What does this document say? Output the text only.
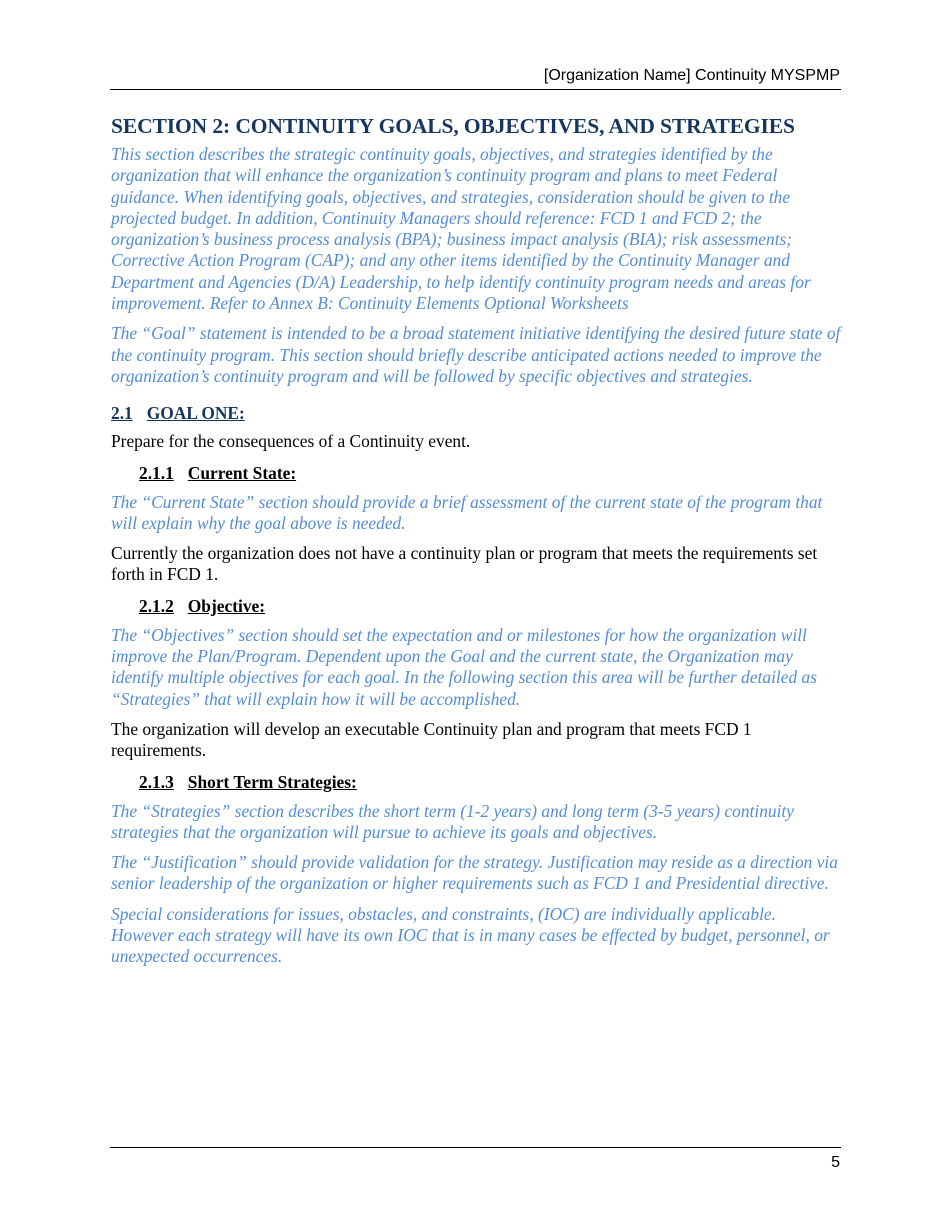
[Organization Name] Continuity MYSPMP
SECTION 2: CONTINUITY GOALS, OBJECTIVES, AND STRATEGIES

This section describes the strategic continuity goals, objectives, and strategies identified by the organization that will enhance the organization’s continuity program and plans to meet Federal guidance. When identifying goals, objectives, and strategies, consideration should be given to the projected budget. In addition, Continuity Managers should reference: FCD 1 and FCD 2; the organization’s business process analysis (BPA); business impact analysis (BIA); risk assessments; Corrective Action Program (CAP); and any other items identified by the Continuity Manager and Department and Agencies (D/A) Leadership, to help identify continuity program needs and areas for improvement. Refer to Annex B: Continuity Elements Optional Worksheets

The “Goal” statement is intended to be a broad statement initiative identifying the desired future state of the continuity program. This section should briefly describe anticipated actions needed to improve the organization’s continuity program and will be followed by specific objectives and strategies.

2.1 GOAL ONE:

Prepare for the consequences of a Continuity event.

2.1.1 Current State:

The “Current State” section should provide a brief assessment of the current state of the program that will explain why the goal above is needed.

Currently the organization does not have a continuity plan or program that meets the requirements set forth in FCD 1.

2.1.2 Objective:

The “Objectives” section should set the expectation and or milestones for how the organization will improve the Plan/Program. Dependent upon the Goal and the current state, the Organization may identify multiple objectives for each goal. In the following section this area will be further detailed as “Strategies” that will explain how it will be accomplished.

The organization will develop an executable Continuity plan and program that meets FCD 1 requirements.

2.1.3 Short Term Strategies:

The “Strategies” section describes the short term (1-2 years) and long term (3-5 years) continuity strategies that the organization will pursue to achieve its goals and objectives.

The “Justification” should provide validation for the strategy. Justification may reside as a direction via senior leadership of the organization or higher requirements such as FCD 1 and Presidential directive.

Special considerations for issues, obstacles, and constraints, (IOC) are individually applicable. However each strategy will have its own IOC that is in many cases be effected by budget, personnel, or unexpected occurrences.

5
